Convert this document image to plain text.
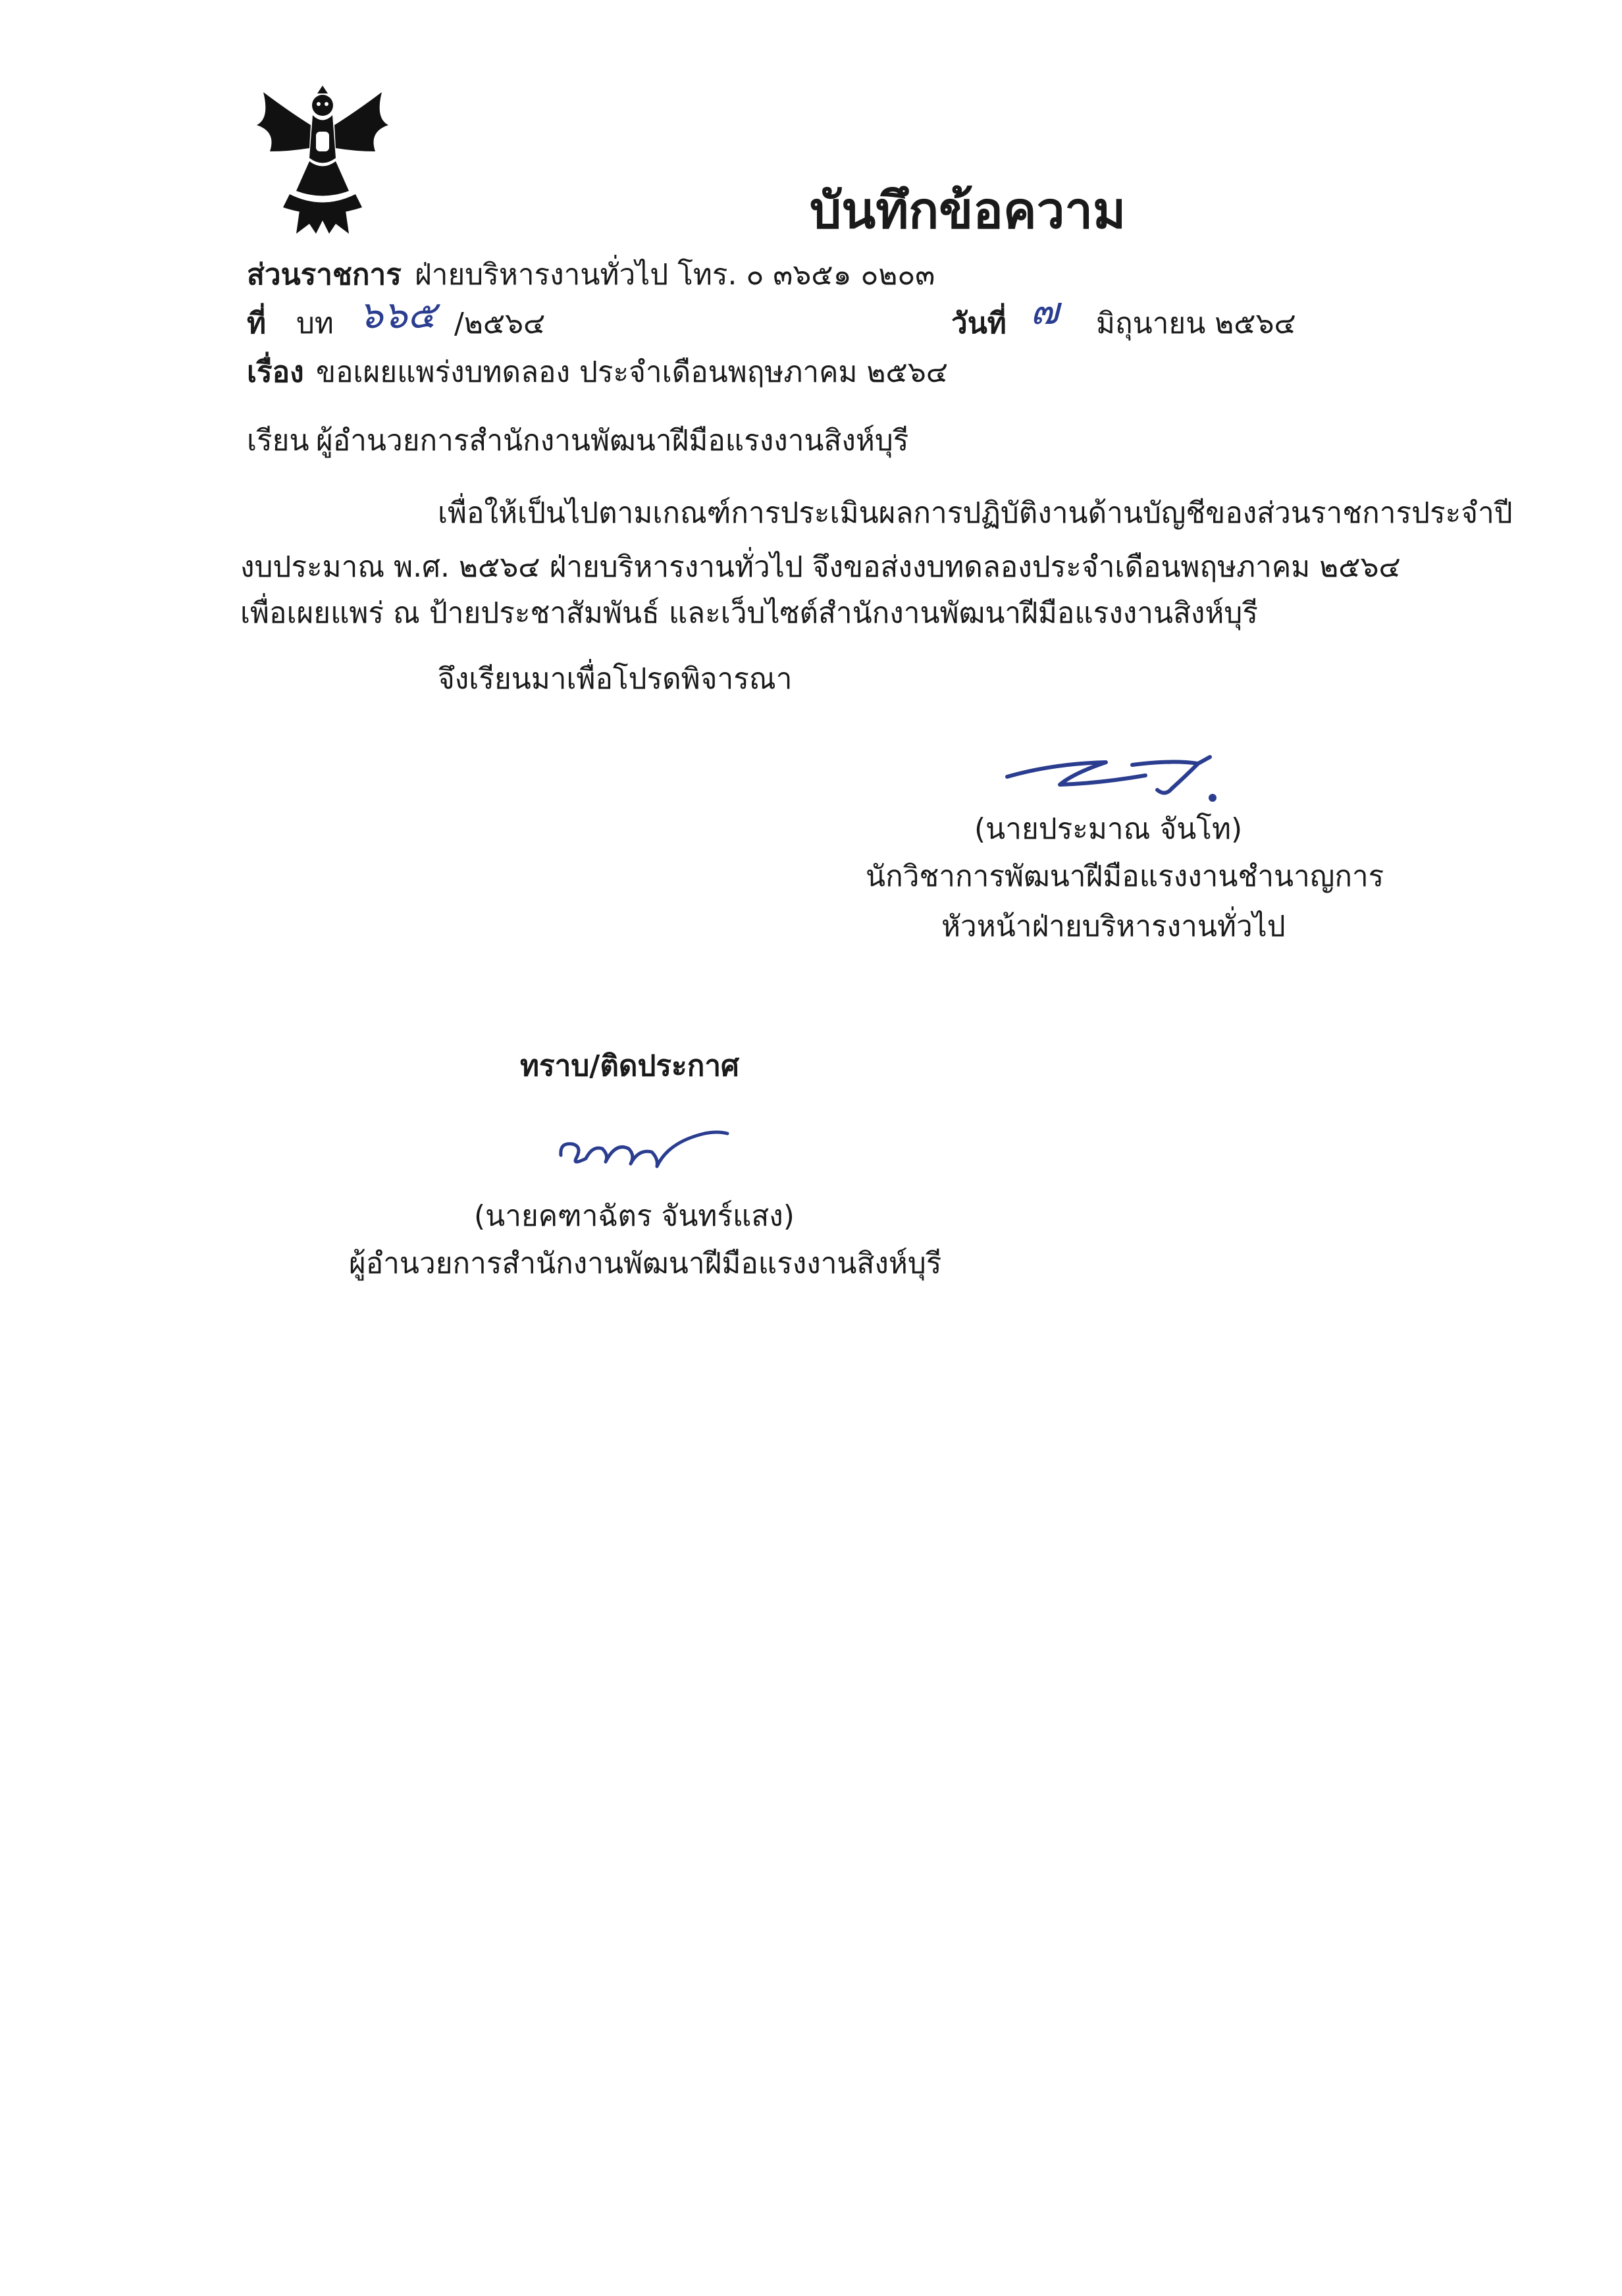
บันทึกข้อความ
ส่วนราชการ ฝ่ายบริหารงานทั่วไป โทร. ๐ ๓๖๕๑ ๐๒๐๓
ที่ บท ๖๖๕ /๒๕๖๔	วันที่ ๗ มิถุนายน ๒๕๖๔
เรื่อง ขอเผยแพร่งบทดลอง ประจำเดือนพฤษภาคม ๒๕๖๔
เรียน ผู้อำนวยการสำนักงานพัฒนาฝีมือแรงงานสิงห์บุรี
เพื่อให้เป็นไปตามเกณฑ์การประเมินผลการปฏิบัติงานด้านบัญชีของส่วนราชการประจำปี
งบประมาณ พ.ศ. ๒๕๖๔ ฝ่ายบริหารงานทั่วไป จึงขอส่งงบทดลองประจำเดือนพฤษภาคม ๒๕๖๔
เพื่อเผยแพร่ ณ ป้ายประชาสัมพันธ์ และเว็บไซต์สำนักงานพัฒนาฝีมือแรงงานสิงห์บุรี
จึงเรียนมาเพื่อโปรดพิจารณา
(นายประมาณ จันโท)
นักวิชาการพัฒนาฝีมือแรงงานชำนาญการ
หัวหน้าฝ่ายบริหารงานทั่วไป
ทราบ/ติดประกาศ
(นายคฑาฉัตร จันทร์แสง)
ผู้อำนวยการสำนักงานพัฒนาฝีมือแรงงานสิงห์บุรี
